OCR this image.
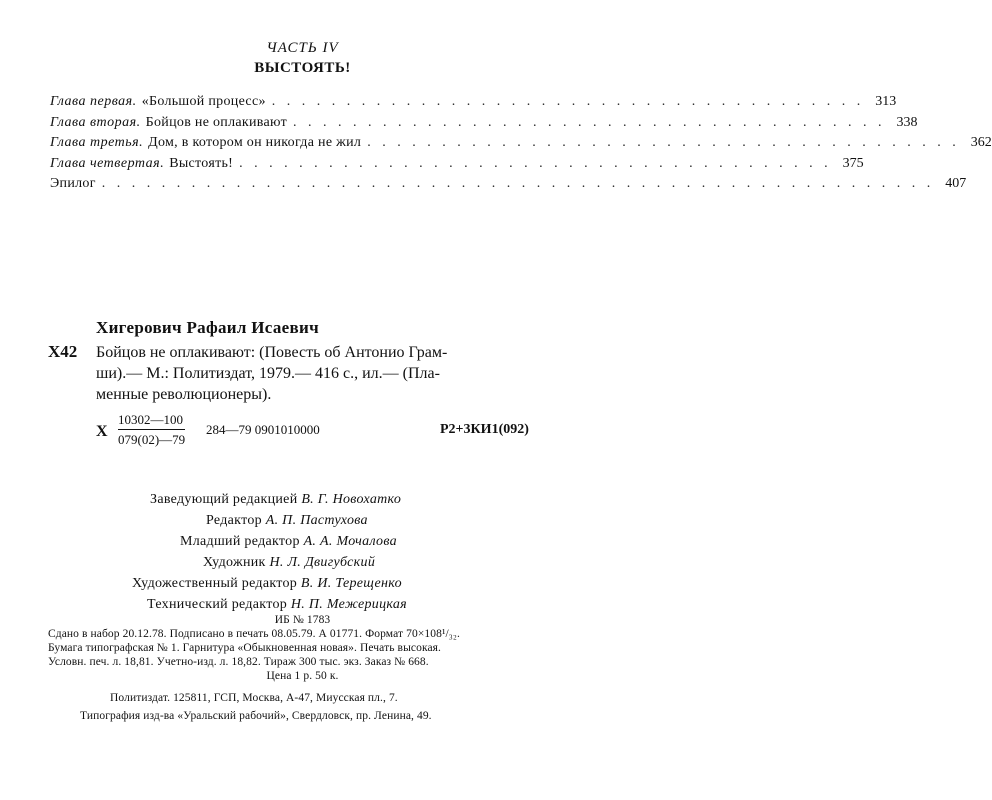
ЧАСТЬ IV
ВЫСТОЯТЬ!
Глава первая. «Большой процесс» . . . . . . . . . . . . . . . . . . . . . . . . . . . . . . . . . . . . . . . . 313
Глава вторая. Бойцов не оплакивают . . . . . . . . . . . . . . . . . . . . . . . . . . . . . . . . . . . . . . . . 338
Глава третья. Дом, в котором он никогда не жил . . . . . . . . . . . . . . . . . . . . . . . . . . . . . . . . . . . . . . . . 362
Глава четвертая. Выстоять! . . . . . . . . . . . . . . . . . . . . . . . . . . . . . . . . . . . . . . . . 375
Эпилог . . . . . . . . . . . . . . . . . . . . . . . . . . . . . . . . . . . . . . . . . . . . . . . . . . . . . . . . 407
Хигерович Рафаил Исаевич
Х42 Бойцов не оплакивают: (Повесть об Антонио Грам-
ши).— М.: Политиздат, 1979.— 416 с., ил.— (Пла-
менные революционеры).
Х
10302—100
079(02)—79
284—79 0901010000	Р2+3КИ1(092)
Заведующий редакцией В. Г. Новохатко
Редактор А. П. Пастухова
Младший редактор А. А. Мочалова
Художник Н. Л. Двигубский
Художественный редактор В. И. Терещенко
Технический редактор Н. П. Межерицкая
ИБ № 1783
Сдано в набор 20.12.78. Подписано в печать 08.05.79. А 01771. Формат 70×108¹/₃₂.
Бумага типографская № 1. Гарнитура «Обыкновенная новая». Печать высокая.
Условн. печ. л. 18,81. Учетно-изд. л. 18,82. Тираж 300 тыс. экз. Заказ № 668.
Цена 1 р. 50 к.
Политиздат. 125811, ГСП, Москва, А-47, Миусская пл., 7.
Типография изд-ва «Уральский рабочий», Свердловск, пр. Ленина, 49.
